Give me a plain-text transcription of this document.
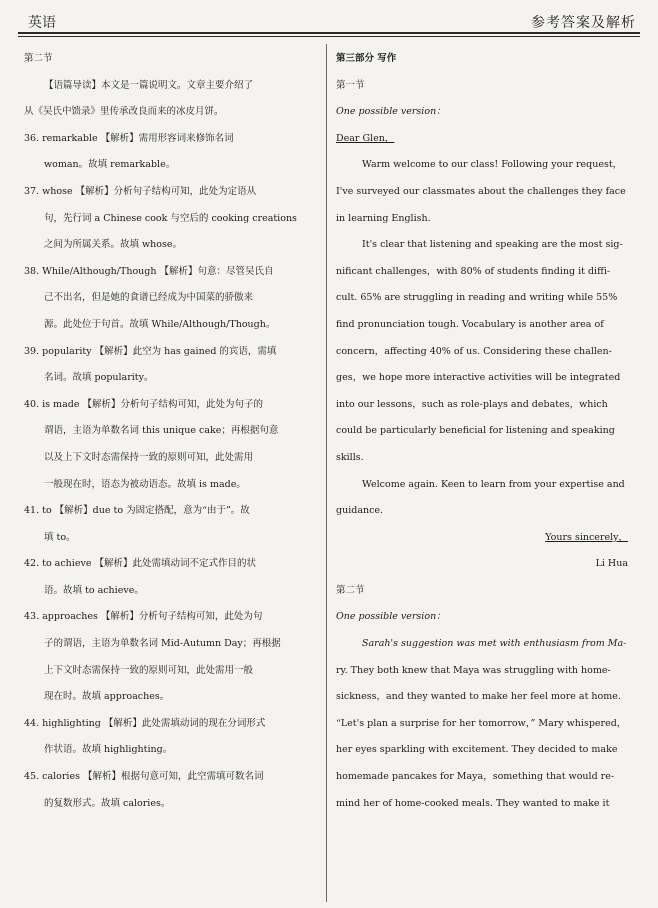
英语	参考答案及解析
第二节
【语篇导读】本文是一篇说明文。文章主要介绍了
从《吴氏中馈录》里传承改良而来的冰皮月饼。
36. remarkable 【解析】需用形容词来修饰名词
woman。故填 remarkable。
37. whose 【解析】分析句子结构可知，此处为定语从
句，先行词 a Chinese cook 与空后的 cooking creations
之间为所属关系。故填 whose。
38. While/Although/Though 【解析】句意：尽管吴氏自
己不出名，但是她的食谱已经成为中国菜的骄傲来
源。此处位于句首。故填 While/Although/Though。
39. popularity 【解析】此空为 has gained 的宾语，需填
名词。故填 popularity。
40. is made 【解析】分析句子结构可知，此处为句子的
谓语，主语为单数名词 this unique cake；再根据句意
以及上下文时态需保持一致的原则可知，此处需用
一般现在时，语态为被动语态。故填 is made。
41. to 【解析】due to 为固定搭配，意为“由于”。故
填 to。
42. to achieve 【解析】此处需填动词不定式作目的状
语。故填 to achieve。
43. approaches 【解析】分析句子结构可知，此处为句
子的谓语，主语为单数名词 Mid-Autumn Day；再根据
上下文时态需保持一致的原则可知，此处需用一般
现在时。故填 approaches。
44. highlighting 【解析】此处需填动词的现在分词形式
作状语。故填 highlighting。
45. calories 【解析】根据句意可知，此空需填可数名词
的复数形式。故填 calories。
第三部分 写作
第一节
One possible version：
Dear Glen，
Warm welcome to our class! Following your request，
I've surveyed our classmates about the challenges they face
in learning English.
It's clear that listening and speaking are the most sig-
nificant challenges，with 80% of students finding it diffi-
cult. 65% are struggling in reading and writing while 55%
find pronunciation tough. Vocabulary is another area of
concern，affecting 40% of us. Considering these challen-
ges，we hope more interactive activities will be integrated
into our lessons，such as role-plays and debates，which
could be particularly beneficial for listening and speaking
skills.
Welcome again. Keen to learn from your expertise and
guidance.
Yours sincerely，
Li Hua
第二节
One possible version：
Sarah's suggestion was met with enthusiasm from Ma-
ry. They both knew that Maya was struggling with home-
sickness，and they wanted to make her feel more at home.
“Let's plan a surprise for her tomorrow，” Mary whispered，
her eyes sparkling with excitement. They decided to make
homemade pancakes for Maya，something that would re-
mind her of home-cooked meals. They wanted to make it
